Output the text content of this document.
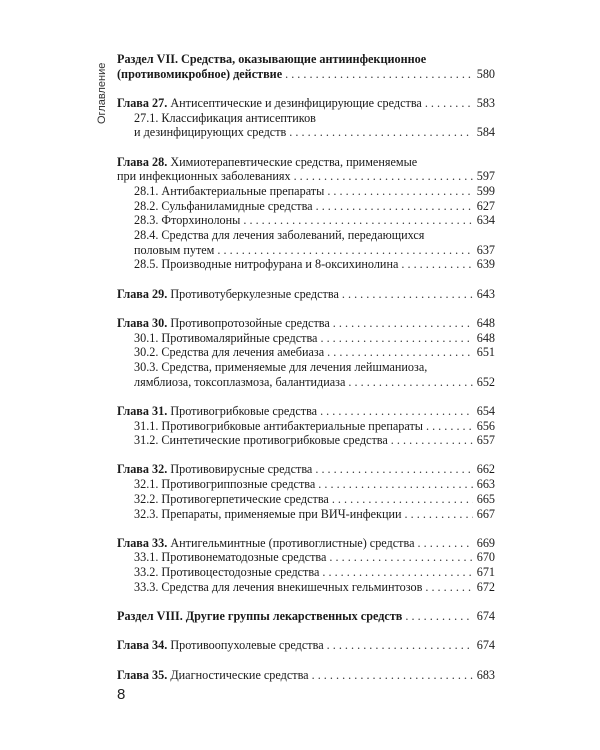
Оглавление
Раздел VII. Средства, оказывающие антиинфекционное
(противомикробное) действие . . .	580
Глава 27. Антисептические и дезинфицирующие средства . . .	583
27.1. Классификация антисептиков
и дезинфицирующих средств . . .	584
Глава 28. Химиотерапевтические средства, применяемые
при инфекционных заболеваниях . . .	597
28.1. Антибактериальные препараты . . .	599
28.2. Сульфаниламидные средства . . .	627
28.3. Фторхинолоны . . .	634
28.4. Средства для лечения заболеваний, передающихся
половым путем . . .	637
28.5. Производные нитрофурана и 8-оксихинолина . . .	639
Глава 29. Противотуберкулезные средства . . .	643
Глава 30. Противопротозойные средства . . .	648
30.1. Противомалярийные средства . . .	648
30.2. Средства для лечения амебиаза . . .	651
30.3. Средства, применяемые для лечения лейшманиоза,
лямблиоза, токсоплазмоза, балантидиаза . . .	652
Глава 31. Противогрибковые средства . . .	654
31.1. Противогрибковые антибактериальные препараты . . .	656
31.2. Синтетические противогрибковые средства . . .	657
Глава 32. Противовирусные средства . . .	662
32.1. Противогриппозные средства . . .	663
32.2. Противогерпетические средства . . .	665
32.3. Препараты, применяемые при ВИЧ-инфекции . . .	667
Глава 33. Антигельминтные (противоглистные) средства . . .	669
33.1. Противонематодозные средства . . .	670
33.2. Противоцестодозные средства . . .	671
33.3. Средства для лечения внекишечных гельминтозов . . .	672
Раздел VIII. Другие группы лекарственных средств . . .	674
Глава 34. Противоопухолевые средства . . .	674
Глава 35. Диагностические средства . . .	683
8
